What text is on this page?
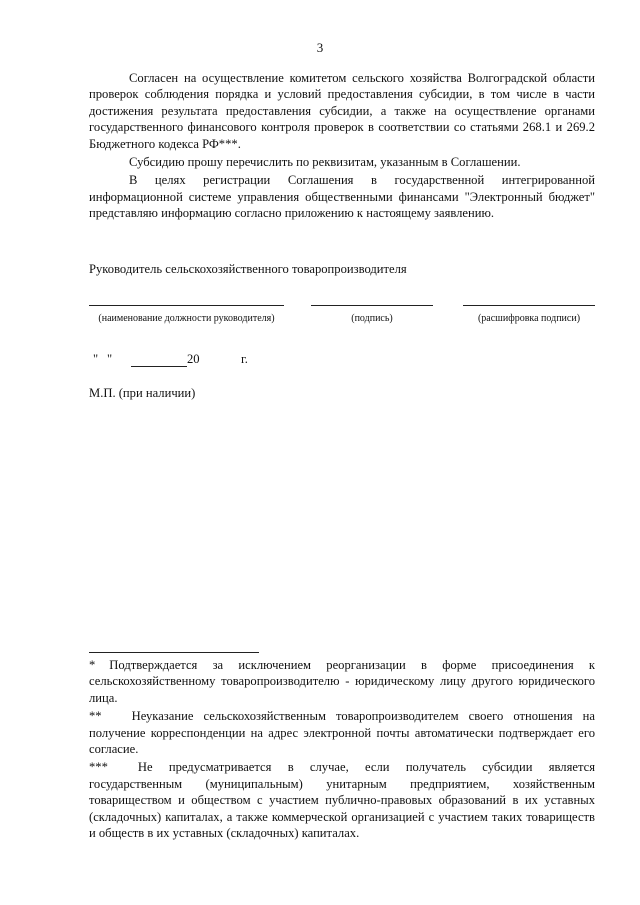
3

Согласен на осуществление комитетом сельского хозяйства Волгоградской области проверок соблюдения порядка и условий предоставления субсидии, в том числе в части достижения результата предоставления субсидии, а также на осуществление органами государственного финансового контроля проверок в соответствии со статьями 268.1 и 269.2 Бюджетного кодекса РФ***.

Субсидию прошу перечислить по реквизитам, указанным в Соглашении.

В целях регистрации Соглашения в государственной интегрированной информационной системе управления общественными финансами "Электронный бюджет" представляю информацию согласно приложению к настоящему заявлению.

Руководитель сельскохозяйственного товаропроизводителя
(наименование должности руководителя)	(подпись)	(расшифровка подписи)
" "	20	г.
М.П. (при наличии)

* Подтверждается за исключением реорганизации в форме присоединения к сельскохозяйственному товаропроизводителю - юридическому лицу другого юридического лица.

** Неуказание сельскохозяйственным товаропроизводителем своего отношения на получение корреспонденции на адрес электронной почты автоматически подтверждает его согласие.

*** Не предусматривается в случае, если получатель субсидии является государственным (муниципальным) унитарным предприятием, хозяйственным товариществом и обществом с участием публично-правовых образований в их уставных (складочных) капиталах, а также коммерческой организацией с участием таких товариществ и обществ в их уставных (складочных) капиталах.
